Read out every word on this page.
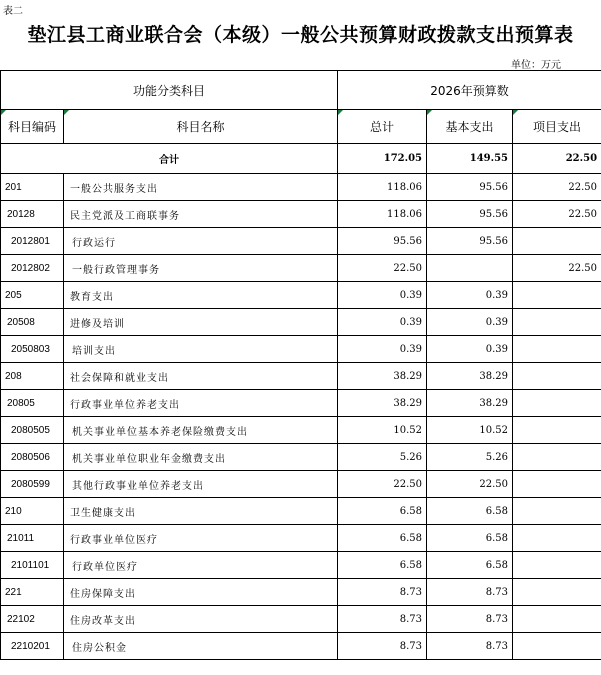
表二
垫江县工商业联合会（本级）一般公共预算财政拨款支出预算表
单位：万元
功能分类科目		2026年预算数		

科目编码	科目名称	总计	基本支出	项目支出
合计		172.05	149.55	22.50
201	一般公共服务支出	118.06	95.56	22.50
20128	民主党派及工商联事务	118.06	95.56	22.50
2012801	行政运行	95.56	95.56	
2012802	一般行政管理事务	22.50		22.50
205	教育支出	0.39	0.39	
20508	进修及培训	0.39	0.39	
2050803	培训支出	0.39	0.39	
208	社会保障和就业支出	38.29	38.29	
20805	行政事业单位养老支出	38.29	38.29	
2080505	机关事业单位基本养老保险缴费支出	10.52	10.52	
2080506	机关事业单位职业年金缴费支出	5.26	5.26	
2080599	其他行政事业单位养老支出	22.50	22.50	
210	卫生健康支出	6.58	6.58	
21011	行政事业单位医疗	6.58	6.58	
2101101	行政单位医疗	6.58	6.58	
221	住房保障支出	8.73	8.73	
22102	住房改革支出	8.73	8.73	
2210201	住房公积金	8.73	8.73	
